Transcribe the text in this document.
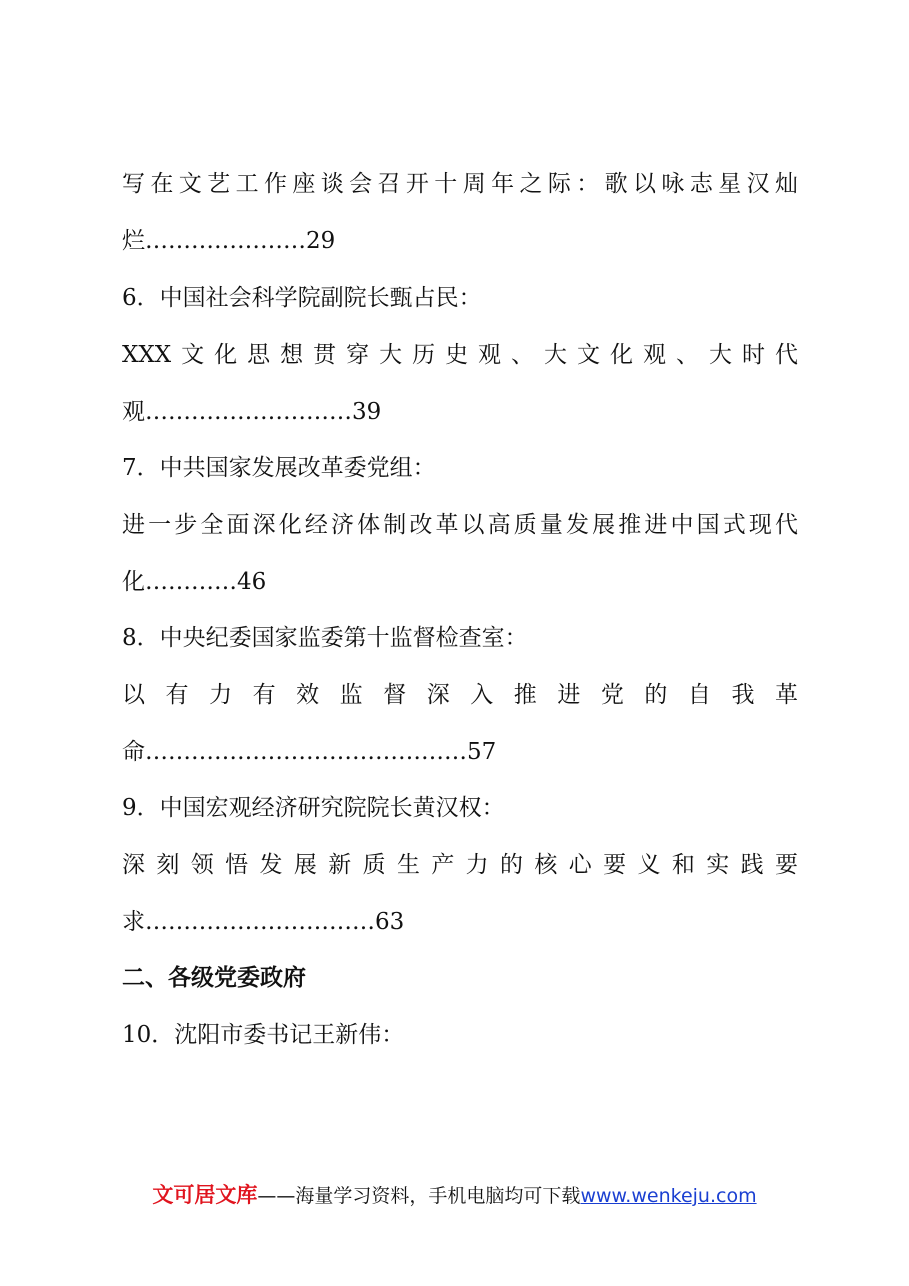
写在文艺工作座谈会召开十周年之际：歌以咏志星汉灿
烂…………………29
6．中国社会科学院副院长甄占民：
XXX文化思想贯穿大历史观、大文化观、大时代
观………………………39
7．中共国家发展改革委党组：
进一步全面深化经济体制改革以高质量发展推进中国式现代
化…………46
8．中央纪委国家监委第十监督检查室：
以有力有效监督深入推进党的自我革
命……………………………………57
9．中国宏观经济研究院院长黄汉权：
深刻领悟发展新质生产力的核心要义和实践要
求…………………………63
二、各级党委政府
10．沈阳市委书记王新伟：
文可居文库——海量学习资料，手机电脑均可下载www.wenkeju.com
